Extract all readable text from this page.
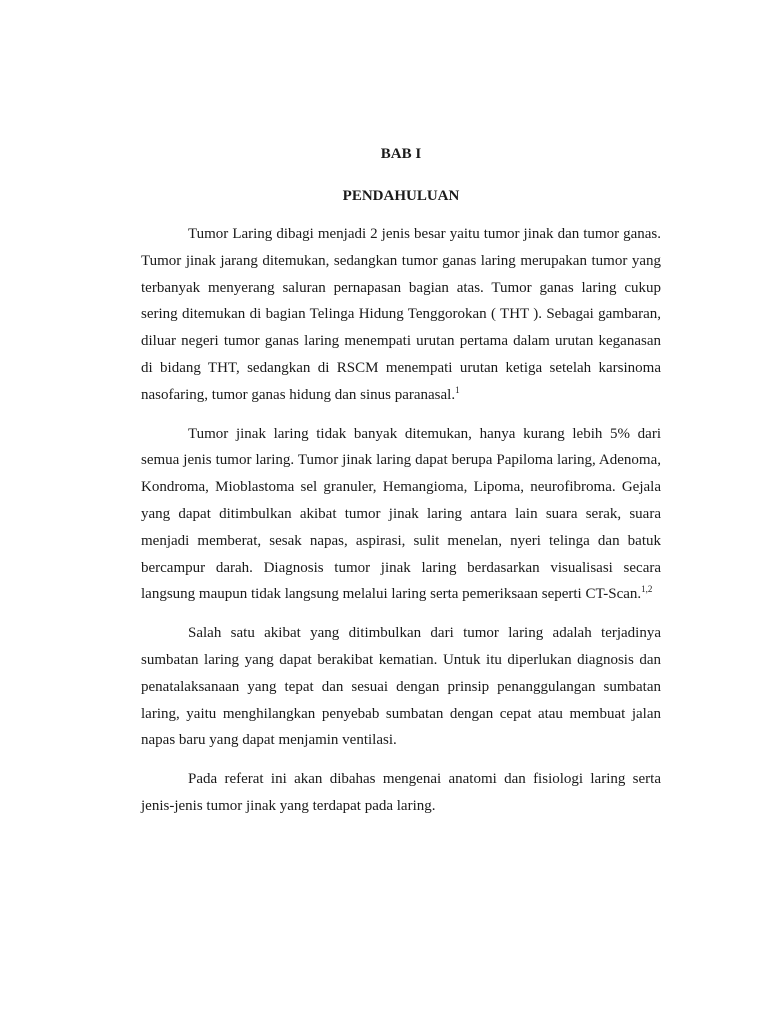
BAB I

PENDAHULUAN

Tumor Laring dibagi menjadi 2 jenis besar yaitu tumor jinak dan tumor ganas. Tumor jinak jarang ditemukan, sedangkan tumor ganas laring merupakan tumor yang terbanyak menyerang saluran pernapasan bagian atas. Tumor ganas laring cukup sering ditemukan di bagian Telinga Hidung Tenggorokan ( THT ). Sebagai gambaran, diluar negeri tumor ganas laring menempati urutan pertama dalam urutan keganasan di bidang THT, sedangkan di RSCM menempati urutan ketiga setelah karsinoma nasofaring, tumor ganas hidung dan sinus paranasal.$^1$

Tumor jinak laring tidak banyak ditemukan, hanya kurang lebih 5% dari semua jenis tumor laring. Tumor jinak laring dapat berupa Papiloma laring, Adenoma, Kondroma, Mioblastoma sel granuler, Hemangioma, Lipoma, neurofibroma. Gejala yang dapat ditimbulkan akibat tumor jinak laring antara lain suara serak, suara menjadi memberat, sesak napas, aspirasi, sulit menelan, nyeri telinga dan batuk bercampur darah. Diagnosis tumor jinak laring berdasarkan visualisasi secara langsung maupun tidak langsung melalui laring serta pemeriksaan seperti CT-Scan.$^{1,2}$

Salah satu akibat yang ditimbulkan dari tumor laring adalah terjadinya sumbatan laring yang dapat berakibat kematian. Untuk itu diperlukan diagnosis dan penatalaksanaan yang tepat dan sesuai dengan prinsip penanggulangan sumbatan laring, yaitu menghilangkan penyebab sumbatan dengan cepat atau membuat jalan napas baru yang dapat menjamin ventilasi.

Pada referat ini akan dibahas mengenai anatomi dan fisiologi laring serta jenis-jenis tumor jinak yang terdapat pada laring.
